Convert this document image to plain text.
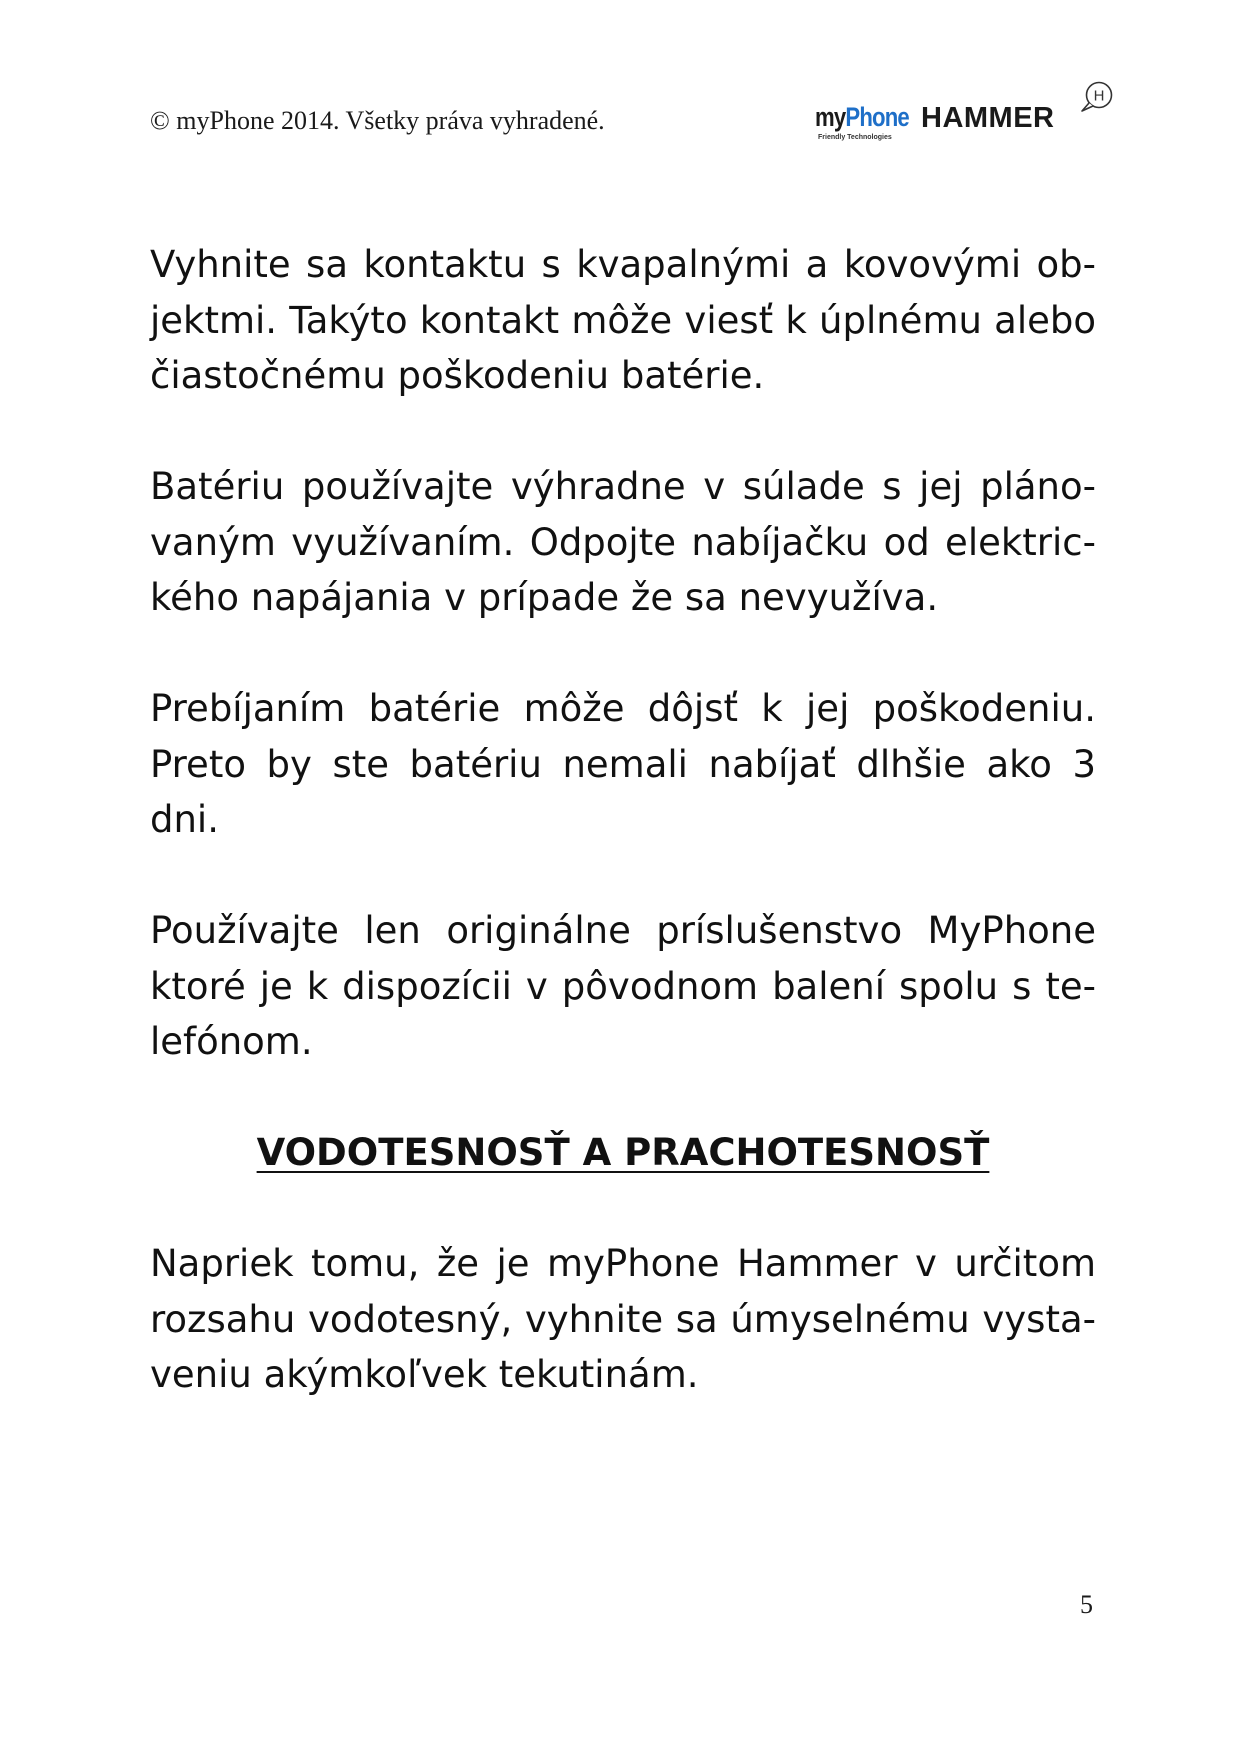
© myPhone 2014. Všetky práva vyhradené.	myPhone HAMMER
Friendly Technologies
H

Vyhnite sa kontaktu s kvapalnými a kovovými objektmi. Takýto kontakt môže viesť k úplnému alebo čiastočnému poškodeniu batérie.

Batériu používajte výhradne v súlade s jej plánovaným využívaním. Odpojte nabíjačku od elektrického napájania v prípade že sa nevyužíva.

Prebíjaním batérie môže dôjsť k jej poškodeniu. Preto by ste batériu nemali nabíjať dlhšie ako 3 dni.

Používajte len originálne príslušenstvo MyPhone ktoré je k dispozícii v pôvodnom balení spolu s telefónom.

VODOTESNOSŤ A PRACHOTESNOSŤ

Napriek tomu, že je myPhone Hammer v určitom rozsahu vodotesný, vyhnite sa úmyselnému vystaveniu akýmkoľvek tekutinám.

5
